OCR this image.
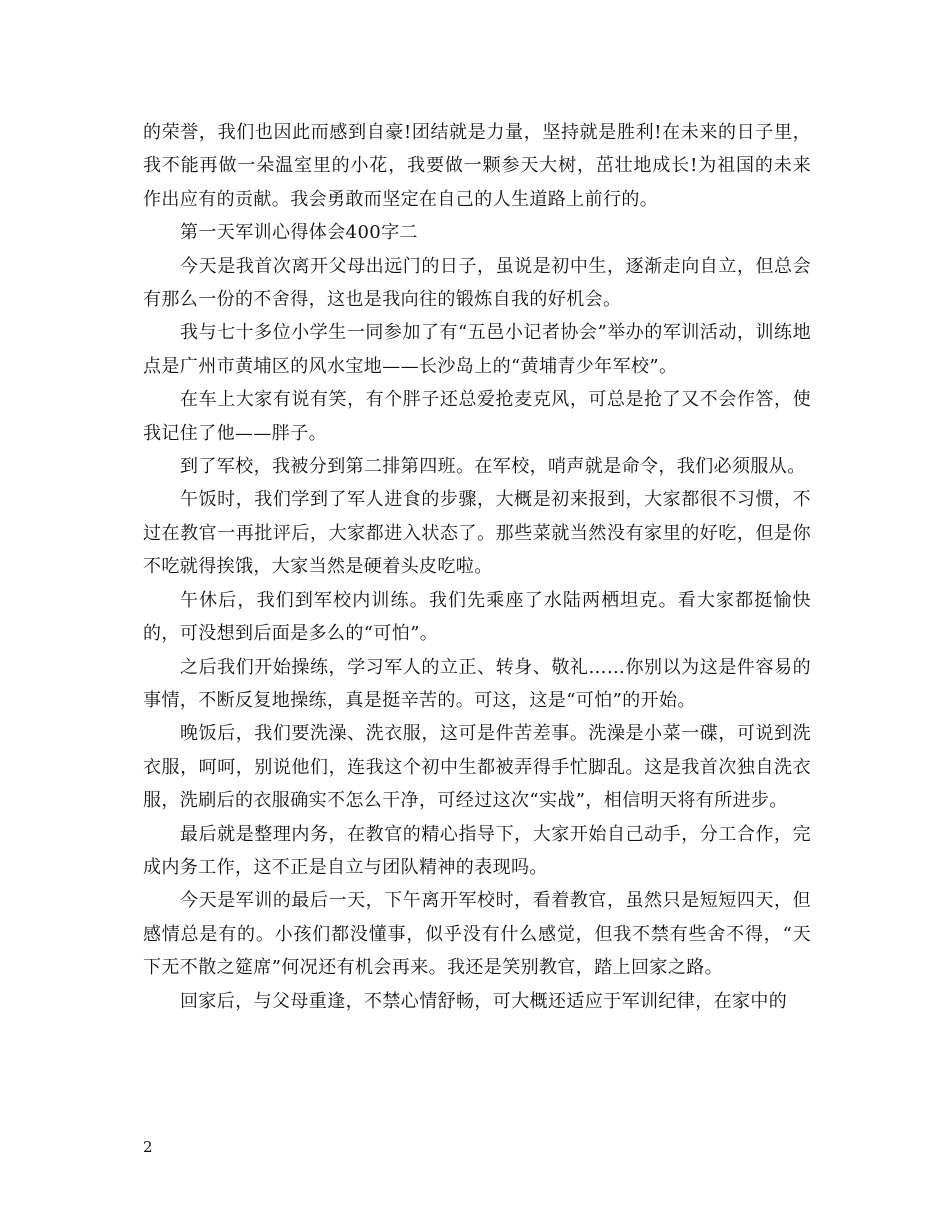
的荣誉，我们也因此而感到自豪!团结就是力量，坚持就是胜利!在未来的日子里，我不能再做一朵温室里的小花，我要做一颗参天大树，茁壮地成长!为祖国的未来作出应有的贡献。我会勇敢而坚定在自己的人生道路上前行的。

第一天军训心得体会400字二

今天是我首次离开父母出远门的日子，虽说是初中生，逐渐走向自立，但总会有那么一份的不舍得，这也是我向往的锻炼自我的好机会。

我与七十多位小学生一同参加了有“五邑小记者协会”举办的军训活动，训练地点是广州市黄埔区的风水宝地——长沙岛上的“黄埔青少年军校”。

在车上大家有说有笑，有个胖子还总爱抢麦克风，可总是抢了又不会作答，使我记住了他——胖子。

到了军校，我被分到第二排第四班。在军校，哨声就是命令，我们必须服从。

午饭时，我们学到了军人进食的步骤，大概是初来报到，大家都很不习惯，不过在教官一再批评后，大家都进入状态了。那些菜就当然没有家里的好吃，但是你不吃就得挨饿，大家当然是硬着头皮吃啦。

午休后，我们到军校内训练。我们先乘座了水陆两栖坦克。看大家都挺愉快的，可没想到后面是多么的“可怕”。

之后我们开始操练，学习军人的立正、转身、敬礼……你别以为这是件容易的事情，不断反复地操练，真是挺辛苦的。可这，这是“可怕”的开始。

晚饭后，我们要洗澡、洗衣服，这可是件苦差事。洗澡是小菜一碟，可说到洗衣服，呵呵，别说他们，连我这个初中生都被弄得手忙脚乱。这是我首次独自洗衣服，洗刷后的衣服确实不怎么干净，可经过这次“实战”，相信明天将有所进步。

最后就是整理内务，在教官的精心指导下，大家开始自己动手，分工合作，完成内务工作，这不正是自立与团队精神的表现吗。

今天是军训的最后一天，下午离开军校时，看着教官，虽然只是短短四天，但感情总是有的。小孩们都没懂事，似乎没有什么感觉，但我不禁有些舍不得，“天下无不散之筵席”何况还有机会再来。我还是笑别教官，踏上回家之路。

回家后，与父母重逢，不禁心情舒畅，可大概还适应于军训纪律，在家中的

2
